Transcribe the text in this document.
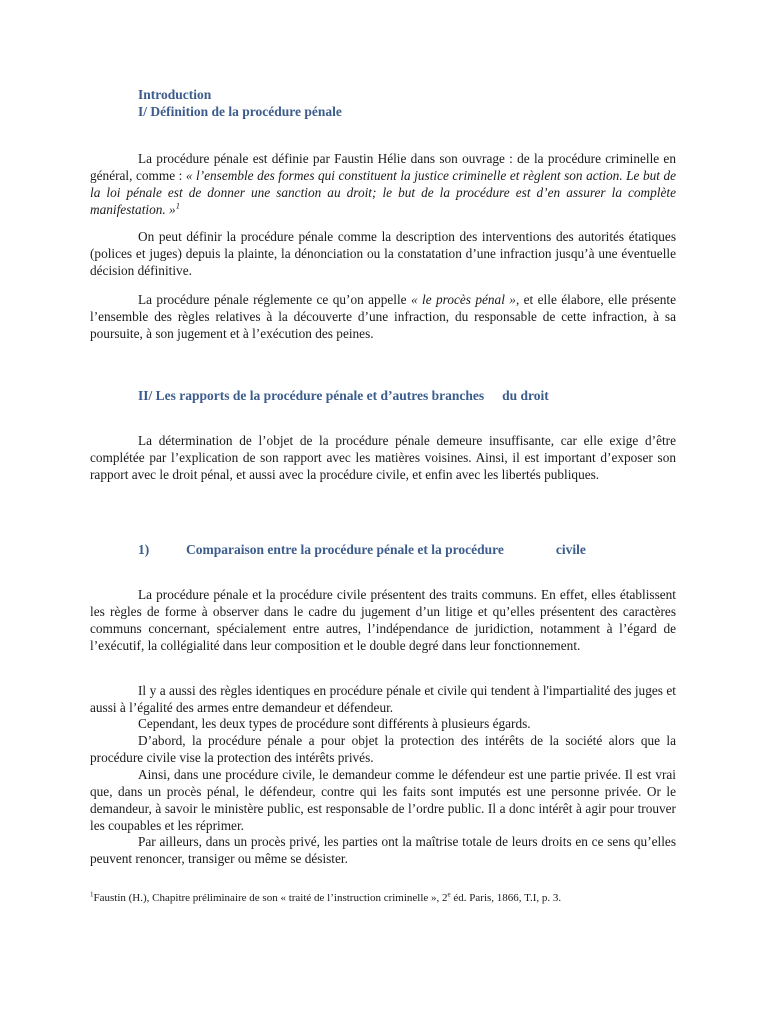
Introduction
I/ Définition de la procédure pénale

La procédure pénale est définie par Faustin Hélie dans son ouvrage : de la procédure criminelle en général, comme : « l’ensemble des formes qui constituent la justice criminelle et règlent son action. Le but de la loi pénale est de donner une sanction au droit; le but de la procédure est d’en assurer la complète manifestation. »$^1$

On peut définir la procédure pénale comme la description des interventions des autorités étatiques (polices et juges) depuis la plainte, la dénonciation ou la constatation d’une infraction jusqu’à une éventuelle décision définitive.

La procédure pénale réglemente ce qu’on appelle « le procès pénal », et elle élabore, elle présente l’ensemble des règles relatives à la découverte d’une infraction, du responsable de cette infraction, à sa poursuite, à son jugement et à l’exécution des peines.

II/ Les rapports de la procédure pénale et d’autres branches du droit

La détermination de l’objet de la procédure pénale demeure insuffisante, car elle exige d’être complétée par l’explication de son rapport avec les matières voisines. Ainsi, il est important d’exposer son rapport avec le droit pénal, et aussi avec la procédure civile, et enfin avec les libertés publiques.

1)	Comparaison entre la procédure pénale et la procédure	civile

La procédure pénale et la procédure civile présentent des traits communs. En effet, elles établissent les règles de forme à observer dans le cadre du jugement d’un litige et qu’elles présentent des caractères communs concernant, spécialement entre autres, l’indépendance de juridiction, notamment à l’égard de l’exécutif, la collégialité dans leur composition et le double degré dans leur fonctionnement.

Il y a aussi des règles identiques en procédure pénale et civile qui tendent à l'impartialité des juges et aussi à l’égalité des armes entre demandeur et défendeur.

Cependant, les deux types de procédure sont différents à plusieurs égards.

D’abord, la procédure pénale a pour objet la protection des intérêts de la société alors que la procédure civile vise la protection des intérêts privés.

Ainsi, dans une procédure civile, le demandeur comme le défendeur est une partie privée. Il est vrai que, dans un procès pénal, le défendeur, contre qui les faits sont imputés est une personne privée. Or le demandeur, à savoir le ministère public, est responsable de l’ordre public. Il a donc intérêt à agir pour trouver les coupables et les réprimer.

Par ailleurs, dans un procès privé, les parties ont la maîtrise totale de leurs droits en ce sens qu’elles peuvent renoncer, transiger ou même se désister.

$^1$Faustin (H.), Chapitre préliminaire de son « traité de l’instruction criminelle », 2e éd. Paris, 1866, T.I, p. 3.
